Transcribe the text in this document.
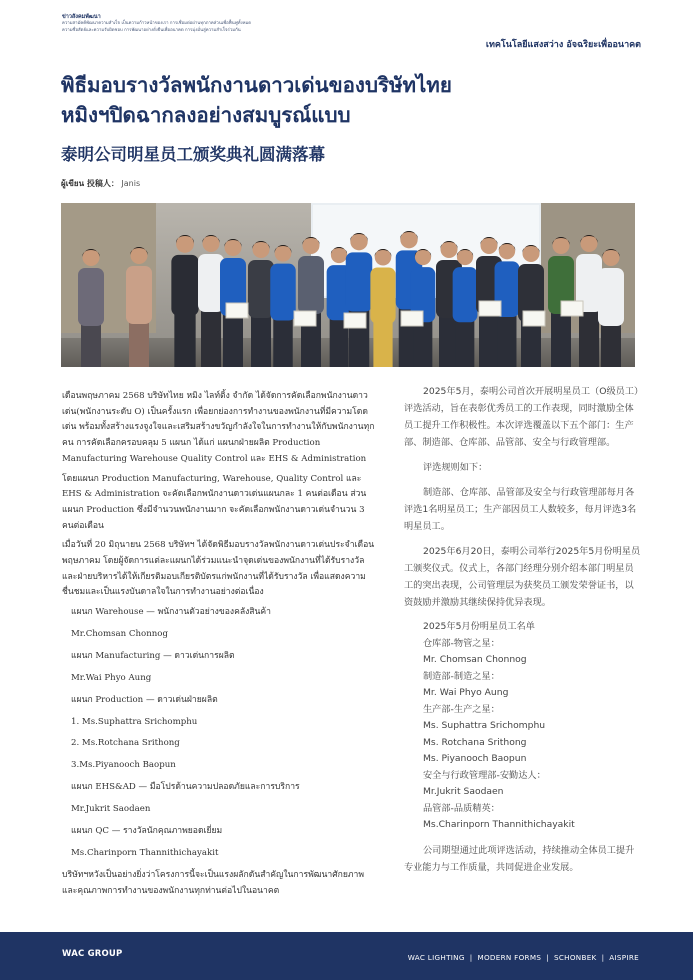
ข่าวสังคมพัฒนา
ความสามัคคีพัฒนาความสำเร็จ เป็นความก้าวหน้าของเรา การเชื่อมต่อผ่านทุกภาคส่วนเพื่อฟื้นฟูทั้งหมด
ความซื่อสัตย์และความรับผิดชอบ การพัฒนาอย่างยั่งยืนเพื่ออนาคต การมุ่งมั่นสู่ความสำเร็จร่วมกัน
เทคโนโลยีแสงสว่าง อัจฉริยะเพื่ออนาคต
พิธีมอบรางวัลพนักงานดาวเด่นของบริษัทไทย
หมิงฯปิดฉากลงอย่างสมบูรณ์แบบ
泰明公司明星员工颁奖典礼圆满落幕
ผู้เขียน 投稿人： Janis

เดือนพฤษภาคม 2568 บริษัทไทย หมิง ไลท์ติ้ง จำกัด ได้จัดการคัดเลือกพนักงานดาวเด่น(พนักงานระดับ O) เป็นครั้งแรก เพื่อยกย่องการทำงานของพนักงานที่มีความโดดเด่น พร้อมทั้งสร้างแรงจูงใจและเสริมสร้างขวัญกำลังใจในการทำงานให้กับพนักงานทุกคน การคัดเลือกครอบคลุม 5 แผนก ได้แก่ แผนกฝ่ายผลิต Production Manufacturing Warehouse Quality Control และ EHS & Administration

โดยแผนก Production Manufacturing, Warehouse, Quality Control และ EHS & Administration จะคัดเลือกพนักงานดาวเด่นแผนกละ 1 คนต่อเดือน ส่วนแผนก Production ซึ่งมีจำนวนพนักงานมาก จะคัดเลือกพนักงานดาวเด่นจำนวน 3 คนต่อเดือน

เมื่อวันที่ 20 มิถุนายน 2568 บริษัทฯ ได้จัดพิธีมอบรางวัลพนักงานดาวเด่นประจำเดือนพฤษภาคม โดยผู้จัดการแต่ละแผนกได้ร่วมแนะนำจุดเด่นของพนักงานที่ได้รับรางวัล และฝ่ายบริหารได้ให้เกียรติมอบเกียรติบัตรแก่พนักงานที่ได้รับรางวัล เพื่อแสดงความชื่นชมและเป็นแรงบันดาลใจในการทำงานอย่างต่อเนื่อง

แผนก Warehouse — พนักงานตัวอย่างของคลังสินค้า
Mr.Chomsan Chonnog
แผนก Manufacturing — ดาวเด่นการผลิต
Mr.Wai Phyo Aung
แผนก Production — ดาวเด่นฝ่ายผลิต
1. Ms.Suphattra Srichomphu
2. Ms.Rotchana Srithong
3.Ms.Piyanooch Baopun
แผนก EHS&AD — มือโปรด้านความปลอดภัยและการบริการ
Mr.Jukrit Saodaen
แผนก QC — รางวัลนักคุณภาพยอดเยี่ยม
Ms.Charinporn Thannithichayakit

บริษัทฯหวังเป็นอย่างยิ่งว่าโครงการนี้จะเป็นแรงผลักดันสำคัญในการพัฒนาศักยภาพและคุณภาพการทำงานของพนักงานทุกท่านต่อไปในอนาคต

2025年5月，泰明公司首次开展明星员工（O级员工）评选活动，旨在表彰优秀员工的工作表现，同时激励全体员工提升工作积极性。本次评选覆盖以下五个部门：生产部、制造部、仓库部、品管部、安全与行政管理部。

评选规则如下：

制造部、仓库部、品管部及安全与行政管理部每月各评选1名明星员工；生产部因员工人数较多，每月评选3名明星员工。

2025年6月20日，泰明公司举行2025年5月份明星员工颁奖仪式。仪式上，各部门经理分别介绍本部门明星员工的突出表现，公司管理层为获奖员工颁发荣誉证书，以资鼓励并激励其继续保持优异表现。

2025年5月份明星员工名单
仓库部-物管之星：
Mr. Chomsan Chonnog
制造部-制造之星：
Mr. Wai Phyo Aung
生产部-生产之星：
Ms. Suphattra Srichomphu
Ms. Rotchana Srithong
Ms. Piyanooch Baopun
安全与行政管理部-安勤达人：
Mr.Jukrit Saodaen
品管部-品质精英：
Ms.Charinporn Thannithichayakit

公司期望通过此项评选活动，持续推动全体员工提升专业能力与工作质量，共同促进企业发展。

WAC GROUP	WAC LIGHTING | MODERN FORMS | SCHONBEK | AISPIRE
